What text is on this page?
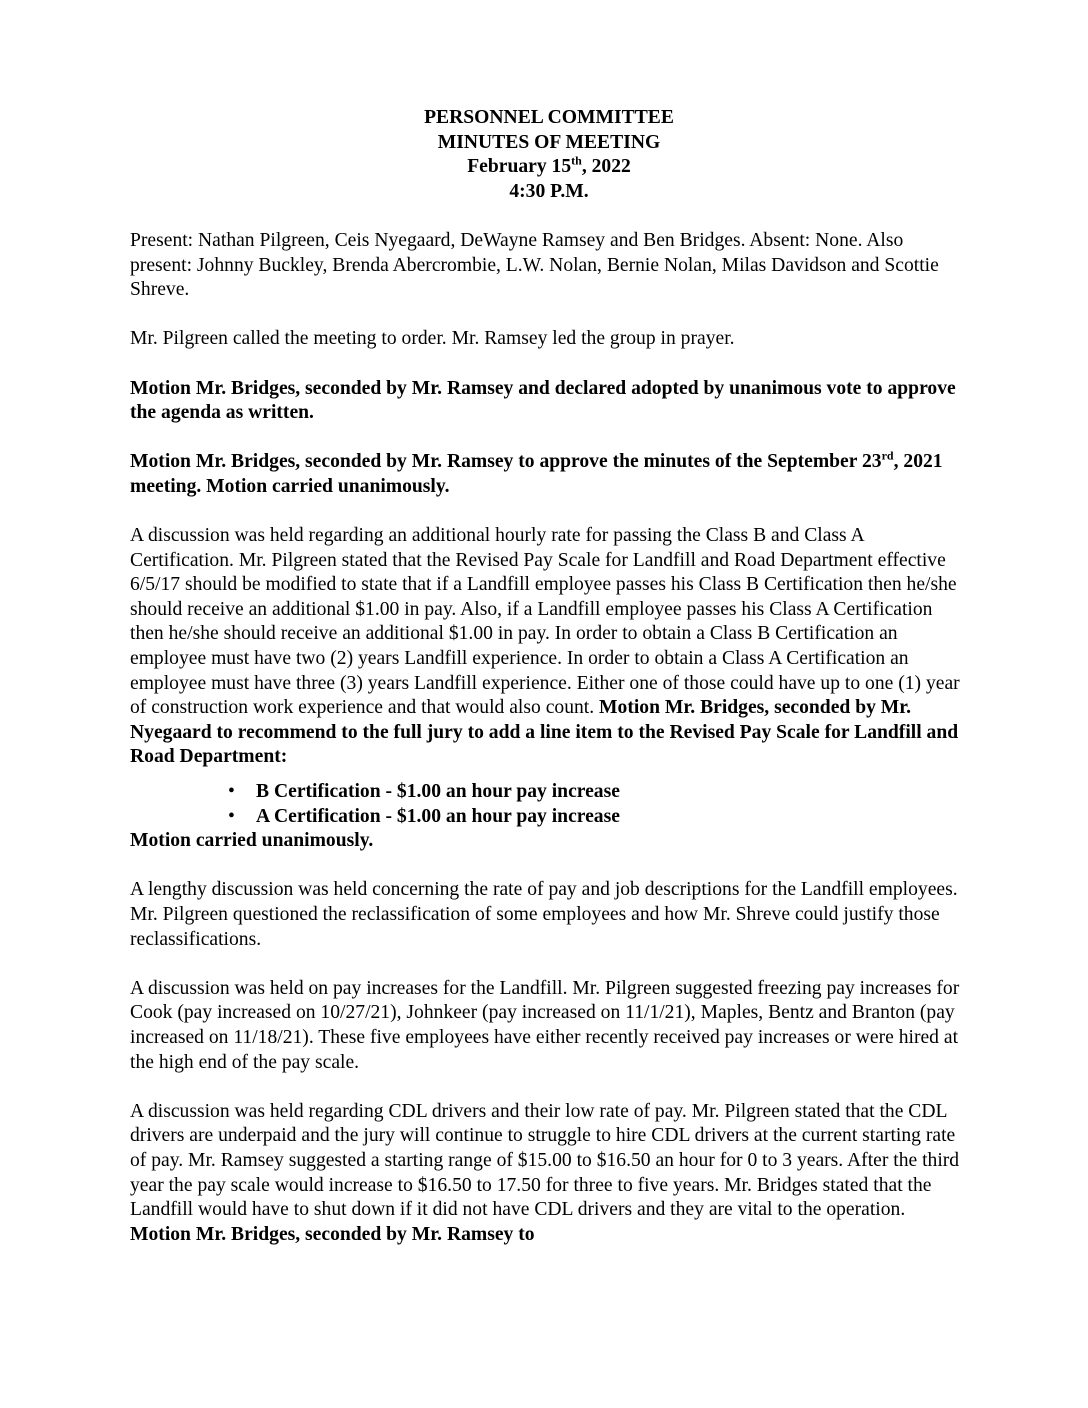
PERSONNEL COMMITTEE
MINUTES OF MEETING
February 15th, 2022
4:30 P.M.

Present: Nathan Pilgreen, Ceis Nyegaard, DeWayne Ramsey and Ben Bridges. Absent: None. Also present: Johnny Buckley, Brenda Abercrombie, L.W. Nolan, Bernie Nolan, Milas Davidson and Scottie Shreve.

Mr. Pilgreen called the meeting to order. Mr. Ramsey led the group in prayer.

Motion Mr. Bridges, seconded by Mr. Ramsey and declared adopted by unanimous vote to approve the agenda as written.

Motion Mr. Bridges, seconded by Mr. Ramsey to approve the minutes of the September 23rd, 2021 meeting. Motion carried unanimously.

A discussion was held regarding an additional hourly rate for passing the Class B and Class A Certification. Mr. Pilgreen stated that the Revised Pay Scale for Landfill and Road Department effective 6/5/17 should be modified to state that if a Landfill employee passes his Class B Certification then he/she should receive an additional $1.00 in pay. Also, if a Landfill employee passes his Class A Certification then he/she should receive an additional $1.00 in pay. In order to obtain a Class B Certification an employee must have two (2) years Landfill experience. In order to obtain a Class A Certification an employee must have three (3) years Landfill experience. Either one of those could have up to one (1) year of construction work experience and that would also count. Motion Mr. Bridges, seconded by Mr. Nyegaard to recommend to the full jury to add a line item to the Revised Pay Scale for Landfill and Road Department:

• B Certification - $1.00 an hour pay increase
• A Certification - $1.00 an hour pay increase
Motion carried unanimously.

A lengthy discussion was held concerning the rate of pay and job descriptions for the Landfill employees. Mr. Pilgreen questioned the reclassification of some employees and how Mr. Shreve could justify those reclassifications.

A discussion was held on pay increases for the Landfill. Mr. Pilgreen suggested freezing pay increases for Cook (pay increased on 10/27/21), Johnkeer (pay increased on 11/1/21), Maples, Bentz and Branton (pay increased on 11/18/21). These five employees have either recently received pay increases or were hired at the high end of the pay scale.

A discussion was held regarding CDL drivers and their low rate of pay. Mr. Pilgreen stated that the CDL drivers are underpaid and the jury will continue to struggle to hire CDL drivers at the current starting rate of pay. Mr. Ramsey suggested a starting range of $15.00 to $16.50 an hour for 0 to 3 years. After the third year the pay scale would increase to $16.50 to 17.50 for three to five years. Mr. Bridges stated that the Landfill would have to shut down if it did not have CDL drivers and they are vital to the operation. Motion Mr. Bridges, seconded by Mr. Ramsey to
